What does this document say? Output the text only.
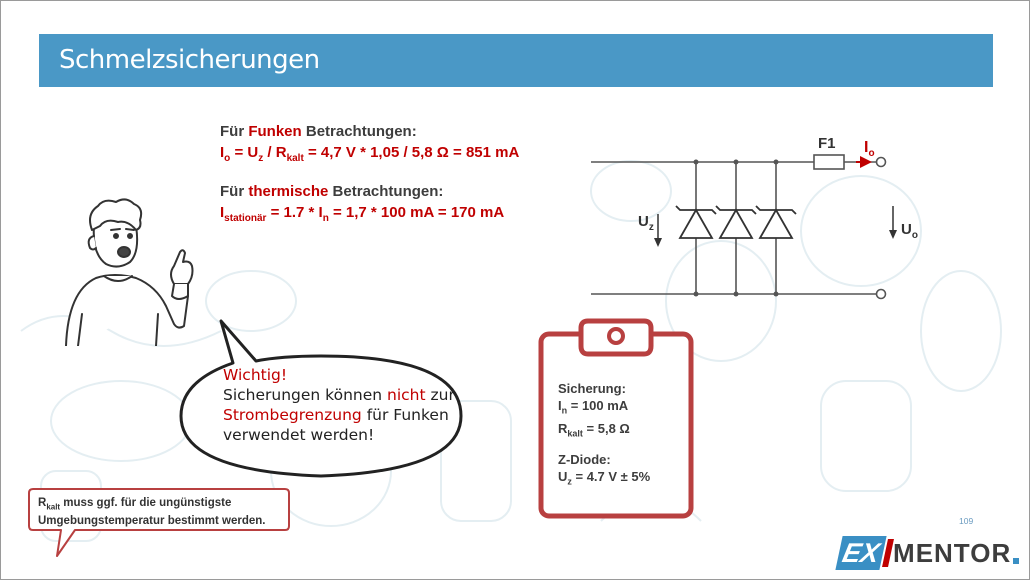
Schmelzsicherungen
Für Funken Betrachtungen:
$I_o = U_z / R_{kalt} = 4,7$ V * 1,05 / 5,8 Ω = 851 mA
Für thermische Betrachtungen:
$I_{stationär} = 1.7 * I_n = 1,7 * 100$ mA = 170 mA
Wichtig!
Sicherungen können nicht zur
Strombegrenzung für Funken
verwendet werden!
$R_{kalt}$ muss ggf. für die ungünstigste
Umgebungstemperatur bestimmt werden.
F1 $I_o$
$U_z$	$U_o$
Sicherung:
$I_n = 100$ mA
$R_{kalt} = 5,8$ Ω
Z-Diode:
$U_z = 4.7$ V ± 5%
109
EX MENTOR
